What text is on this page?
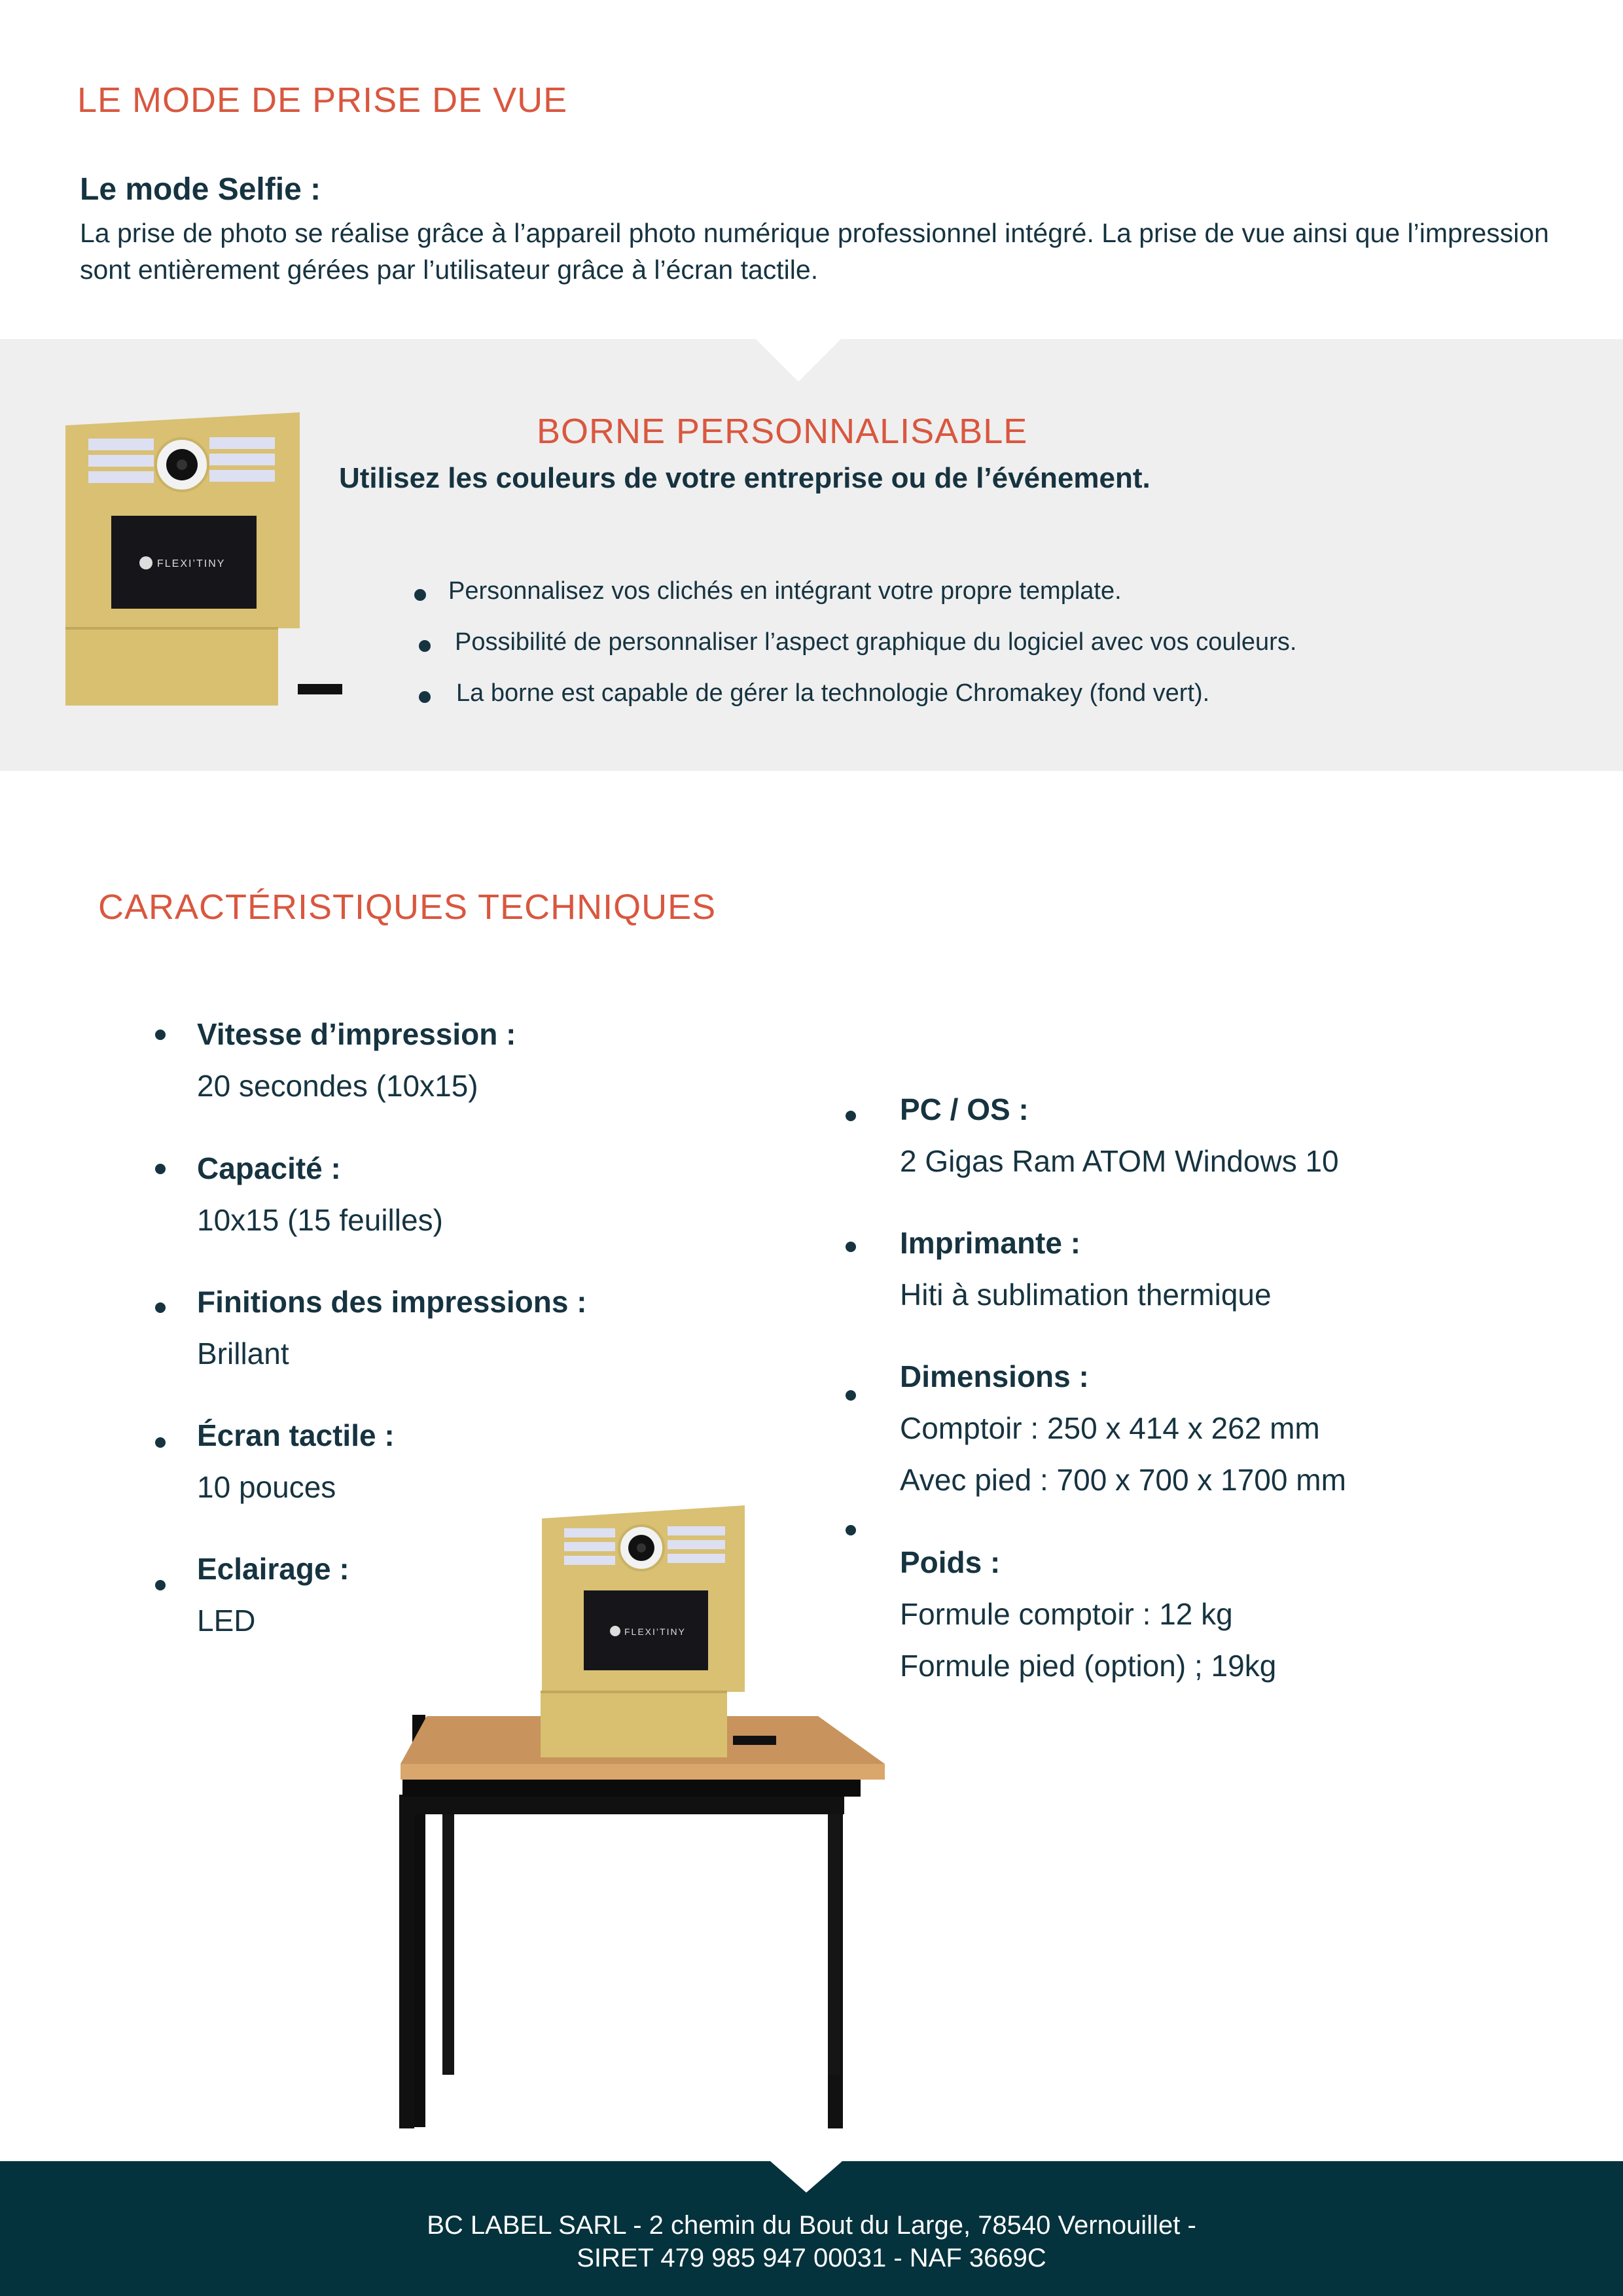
LE MODE DE PRISE DE VUE
Le mode Selfie :
La prise de photo se réalise grâce à l’appareil photo numérique professionnel intégré. La prise de vue ainsi que l’impression sont entièrement gérées par l’utilisateur grâce à l’écran tactile.
FLEXI’TINY
BORNE PERSONNALISABLE
Utilisez les couleurs de votre entreprise ou de l’événement.
Personnalisez vos clichés en intégrant votre propre template.
Possibilité de personnaliser l’aspect graphique du logiciel avec vos couleurs.
La borne est capable de gérer la technologie Chromakey (fond vert).
CARACTÉRISTIQUES TECHNIQUES
Vitesse d’impression :
20 secondes (10x15)
Capacité :
10x15 (15 feuilles)
Finitions des impressions :
Brillant
Écran tactile :
10 pouces
Eclairage :
LED
PC / OS :
2 Gigas Ram ATOM Windows 10
Imprimante :
Hiti à sublimation thermique
Dimensions :
Comptoir : 250 x 414 x 262 mm
Avec pied : 700 x 700 x 1700 mm
Poids :
Formule comptoir : 12 kg
Formule pied (option) ; 19kg
FLEXI’TINY
BC LABEL SARL - 2 chemin du Bout du Large, 78540 Vernouillet -
SIRET 479 985 947 00031 - NAF 3669C
